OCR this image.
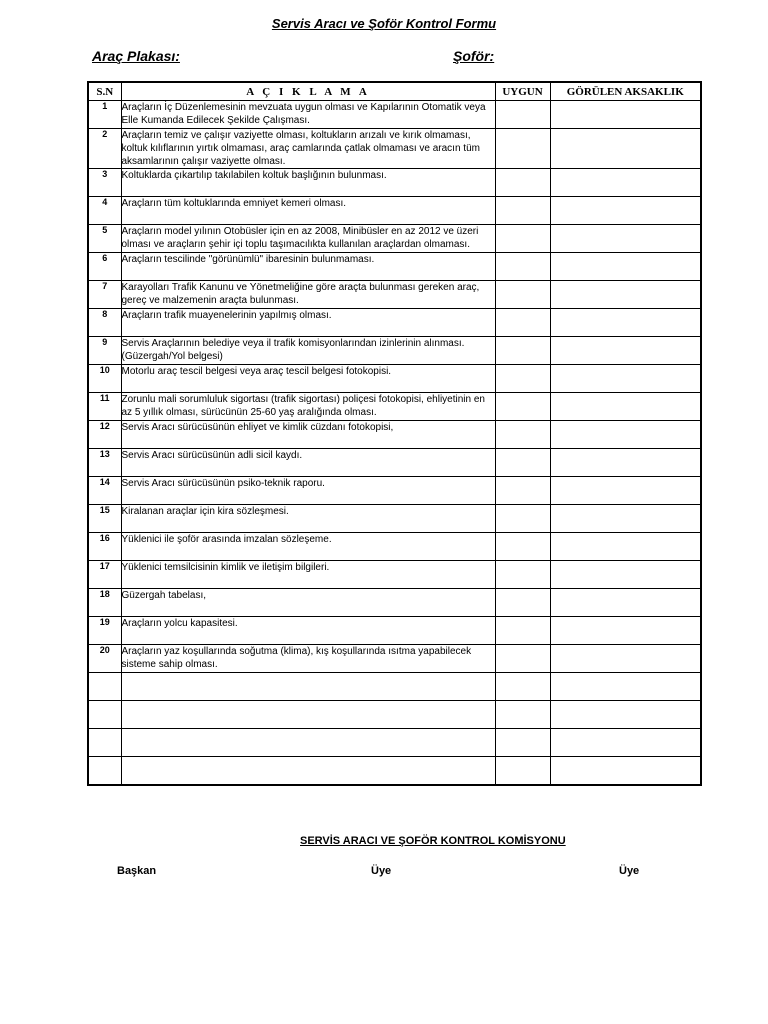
Servis Aracı ve Şoför Kontrol Formu
Araç Plakası:	Şoför:
S.N	A Ç I K L A M A	UYGUN	GÖRÜLEN AKSAKLIK
1	Araçların İç Düzenlemesinin mevzuata uygun olması ve Kapılarının Otomatik veya Elle Kumanda Edilecek Şekilde Çalışması.		
2	Araçların temiz ve çalışır vaziyette olması, koltukların arızalı ve kırık olmaması, koltuk kılıflarının yırtık olmaması, araç camlarında çatlak olmaması ve aracın tüm aksamlarının çalışır vaziyette olması.		
3	Koltuklarda çıkartılıp takılabilen koltuk başlığının bulunması.		
4	Araçların tüm koltuklarında emniyet kemeri olması.		
5	Araçların model yılının Otobüsler için en az 2008, Minibüsler en az 2012 ve üzeri olması ve araçların şehir içi toplu taşımacılıkta kullanılan araçlardan olmaması.		
6	Araçların tescilinde "görünümlü" ibaresinin bulunmaması.		
7	Karayolları Trafik Kanunu ve Yönetmeliğine göre araçta bulunması gereken araç, gereç ve malzemenin araçta bulunması.		
8	Araçların trafik muayenelerinin yapılmış olması.		
9	Servis Araçlarının belediye veya il trafik komisyonlarından izinlerinin alınması.(Güzergah/Yol belgesi)		
10	Motorlu araç tescil belgesi veya araç tescil belgesi fotokopisi.		
11	Zorunlu mali sorumluluk sigortası (trafik sigortası) poliçesi fotokopisi, ehliyetinin en az 5 yıllık olması, sürücünün 25-60 yaş aralığında olması.		
12	Servis Aracı sürücüsünün ehliyet ve kimlik cüzdanı fotokopisi,		
13	Servis Aracı sürücüsünün adli sicil kaydı.		
14	Servis Aracı sürücüsünün psiko-teknik raporu.		
15	Kiralanan araçlar için kira sözleşmesi.		
16	Yüklenici ile şoför arasında imzalan sözleşeme.		
17	Yüklenici temsilcisinin kimlik ve iletişim bilgileri.		
18	Güzergah tabelası,		
19	Araçların yolcu kapasitesi.		
20	Araçların yaz koşullarında soğutma (klima), kış koşullarında ısıtma yapabilecek sisteme sahip olması.		

SERVİS ARACI VE ŞOFÖR KONTROL KOMİSYONU
Başkan	Üye	Üye
